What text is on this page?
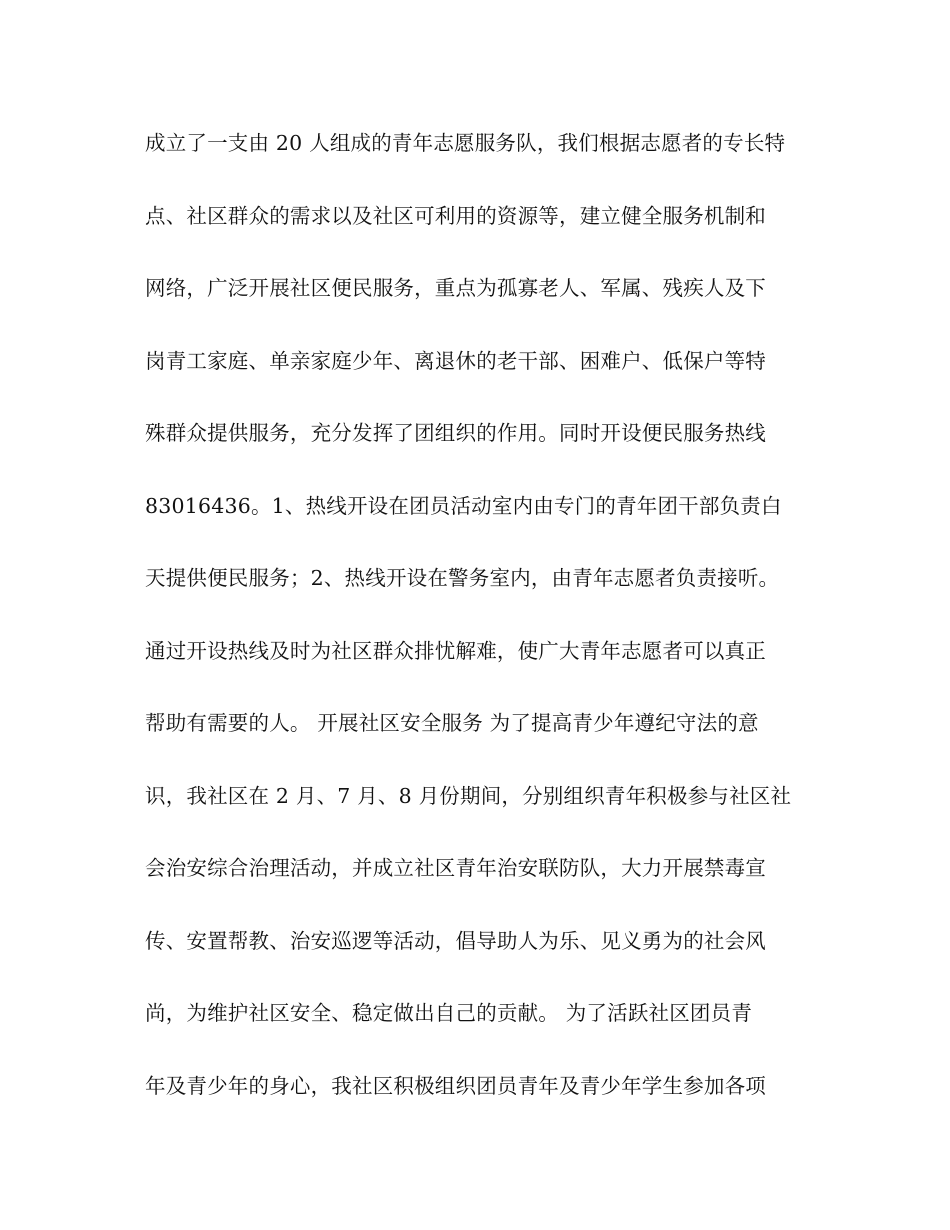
成立了一支由 20 人组成的青年志愿服务队，我们根据志愿者的专长特
点、社区群众的需求以及社区可利用的资源等，建立健全服务机制和
网络，广泛开展社区便民服务，重点为孤寡老人、军属、残疾人及下
岗青工家庭、单亲家庭少年、离退休的老干部、困难户、低保户等特
殊群众提供服务，充分发挥了团组织的作用。同时开设便民服务热线
83016436。1、热线开设在团员活动室内由专门的青年团干部负责白
天提供便民服务；2、热线开设在警务室内，由青年志愿者负责接听。
通过开设热线及时为社区群众排忧解难，使广大青年志愿者可以真正
帮助有需要的人。 开展社区安全服务 为了提高青少年遵纪守法的意
识，我社区在 2 月、7 月、8 月份期间，分别组织青年积极参与社区社
会治安综合治理活动，并成立社区青年治安联防队，大力开展禁毒宣
传、安置帮教、治安巡逻等活动，倡导助人为乐、见义勇为的社会风
尚，为维护社区安全、稳定做出自己的贡献。 为了活跃社区团员青
年及青少年的身心，我社区积极组织团员青年及青少年学生参加各项
